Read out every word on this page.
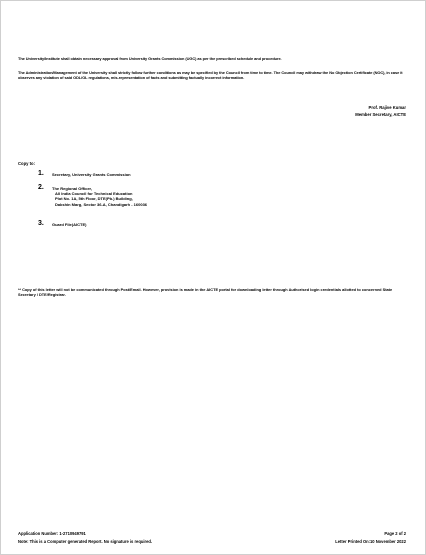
The University/Institute shall obtain necessary approval from University Grants Commission (UGC) as per the prescribed schedule and procedure.

The Administration/Management of the University shall strictly follow further conditions as may be specified by the Council from time to time. The Council may withdraw the No Objection Certificate (NOC), in case it observes any violation of said ODL/OL regulations, mis-representation of facts and submitting factually incorrect information.

Prof. Rajive Kumar
Member Secretary, AICTE
Copy to:
1.	Secretary, University Grants Commission
2.	The Regional Officer,
All India Council for Technical Education
Plot No. 1A, 5th Floor, DTE(Pb.) Building,
Dakshin Marg, Sector 36-A, Chandigarh - 160036
3.	Guard File(AICTE)

** Copy of this letter will not be communicated through Post/Email. However, provision is made in the AICTE portal for downloading letter through Authorised login credentials allotted to concerned State Secretary / DTE/Registrar.

Application Number: 1-2710949791
Note: This is a Computer generated Report. No signature is required.
Page 2 of 2
Letter Printed On:10 November 2022
